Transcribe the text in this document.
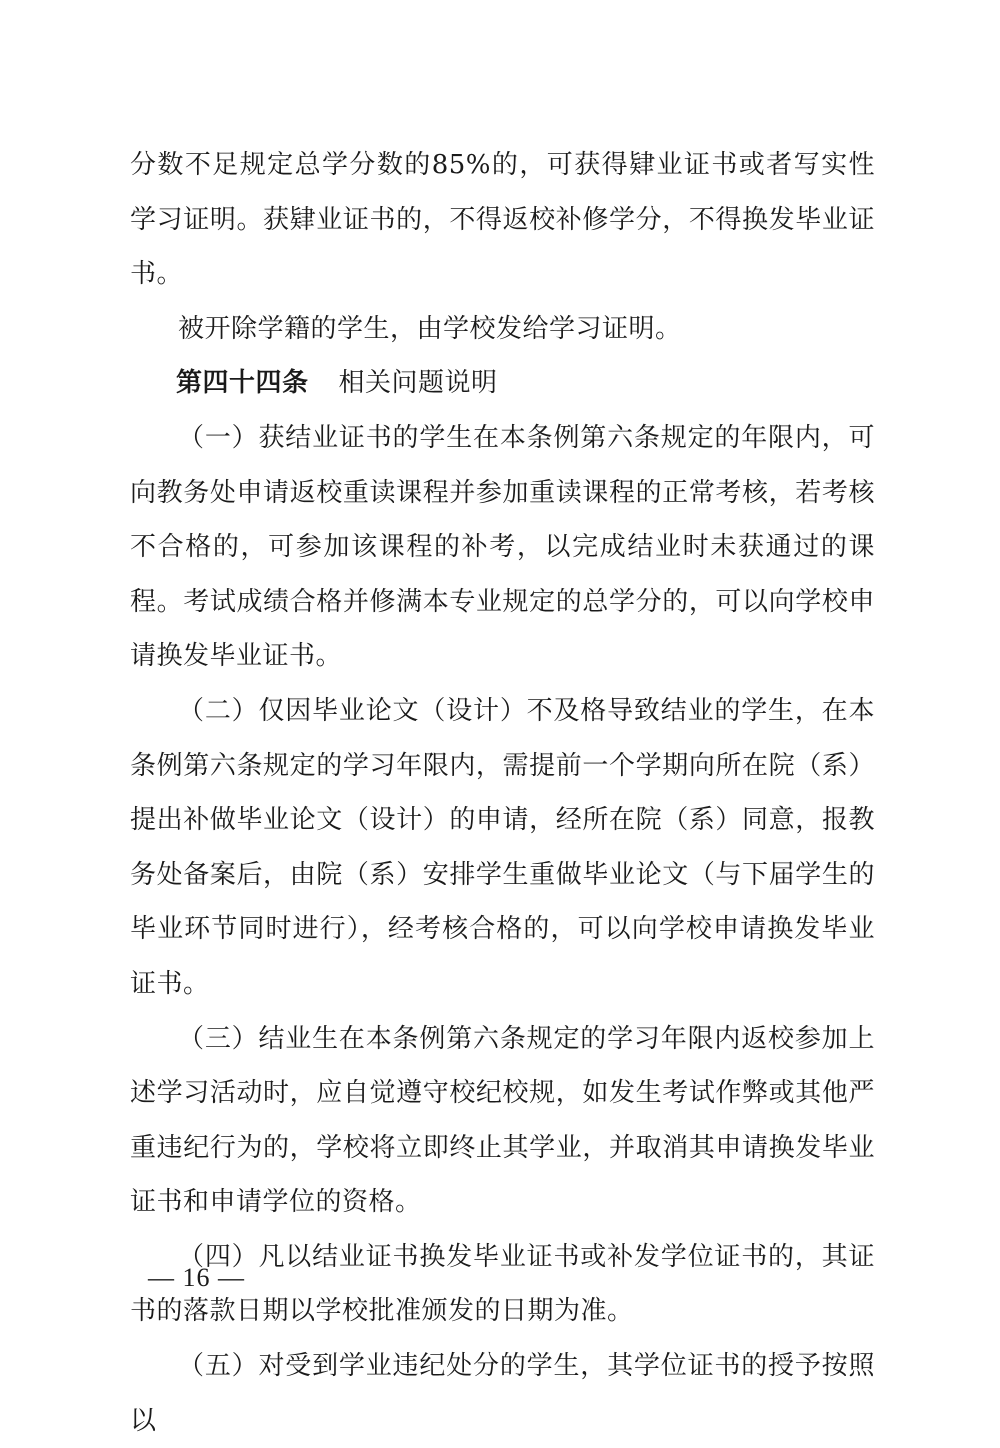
分数不足规定总学分数的85%的，可获得肄业证书或者写实性学习证明。获肄业证书的，不得返校补修学分，不得换发毕业证书。

被开除学籍的学生，由学校发给学习证明。

第四十四条 相关问题说明

（一）获结业证书的学生在本条例第六条规定的年限内，可向教务处申请返校重读课程并参加重读课程的正常考核，若考核不合格的，可参加该课程的补考，以完成结业时未获通过的课程。考试成绩合格并修满本专业规定的总学分的，可以向学校申请换发毕业证书。

（二）仅因毕业论文（设计）不及格导致结业的学生，在本条例第六条规定的学习年限内，需提前一个学期向所在院（系）提出补做毕业论文（设计）的申请，经所在院（系）同意，报教务处备案后，由院（系）安排学生重做毕业论文（与下届学生的毕业环节同时进行），经考核合格的，可以向学校申请换发毕业证书。

（三）结业生在本条例第六条规定的学习年限内返校参加上述学习活动时，应自觉遵守校纪校规，如发生考试作弊或其他严重违纪行为的，学校将立即终止其学业，并取消其申请换发毕业证书和申请学位的资格。

（四）凡以结业证书换发毕业证书或补发学位证书的，其证书的落款日期以学校批准颁发的日期为准。

（五）对受到学业违纪处分的学生，其学位证书的授予按照以

— 16 —
